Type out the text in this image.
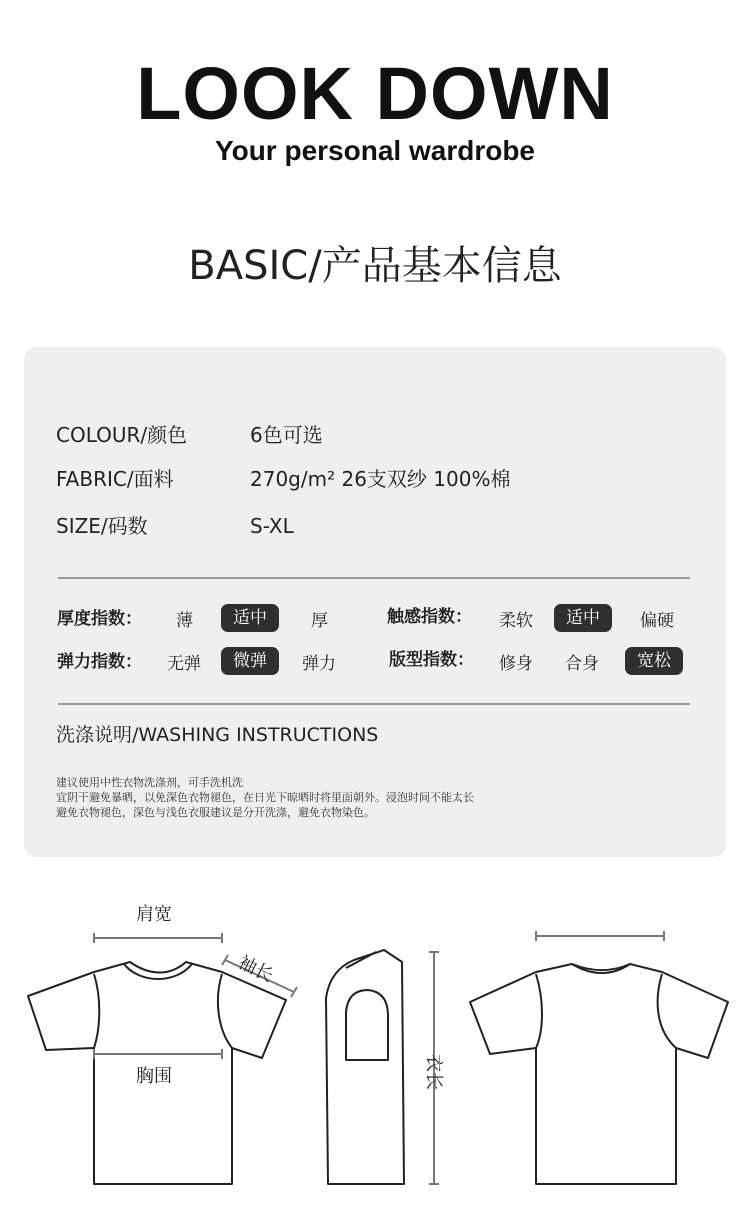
LOOK DOWN
Your personal wardrobe
BASIC/产品基本信息
COLOUR/颜色	6色可选
FABRIC/面料	270g/m² 26支双纱 100%棉
SIZE/码数	S-XL
厚度指数： 薄	适中	厚	触感指数： 柔软	适中	偏硬
弹力指数： 无弹	微弹	弹力	版型指数： 修身 合身	宽松
洗涤说明/WASHING INSTRUCTIONS
建议使用中性衣物洗涤剂，可手洗机洗
宜阴干避免暴晒，以免深色衣物褪色，在日光下晾晒时将里面朝外。浸泡时间不能太长
避免衣物褪色，深色与浅色衣服建议是分开洗涤，避免衣物染色。
肩宽
袖长
胸围	衣长
